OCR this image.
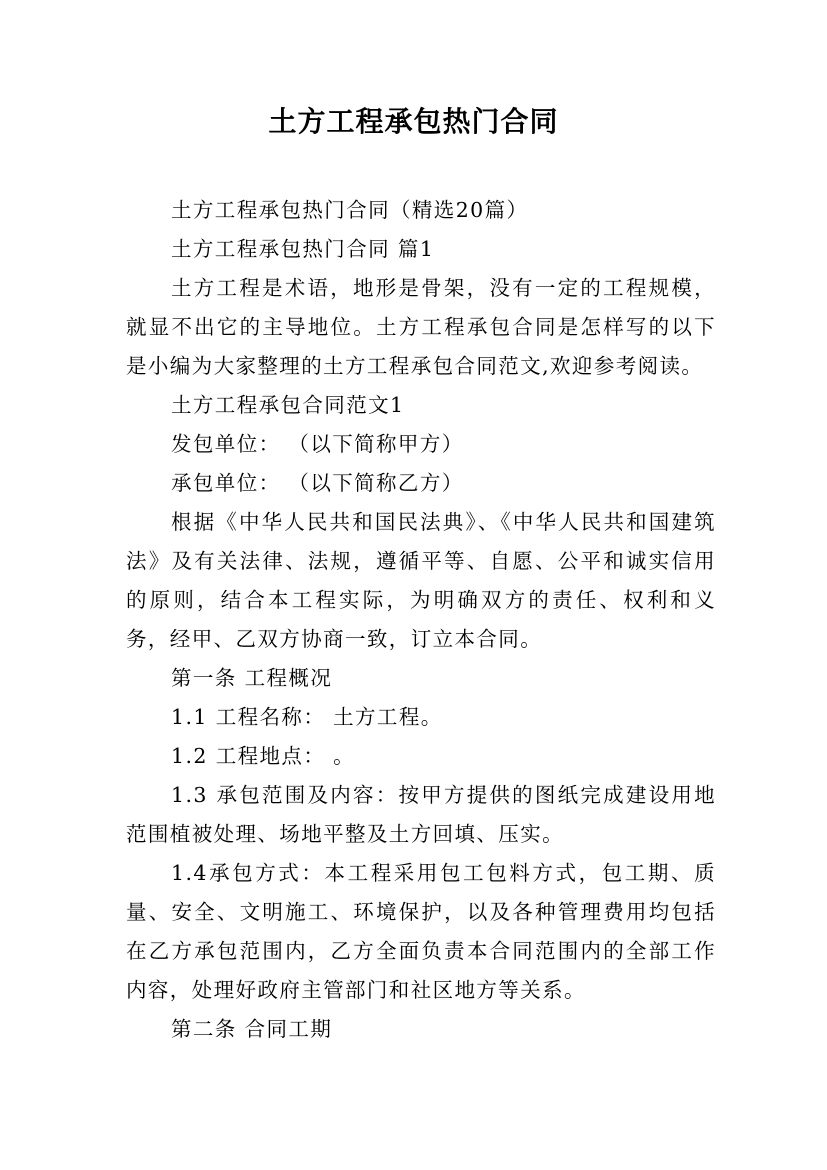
土方工程承包热门合同

土方工程承包热门合同（精选20篇）

土方工程承包热门合同 篇1

土方工程是术语，地形是骨架，没有一定的工程规模，就显不出它的主导地位。土方工程承包合同是怎样写的以下是小编为大家整理的土方工程承包合同范文,欢迎参考阅读。

土方工程承包合同范文1

发包单位： （以下简称甲方）

承包单位： （以下简称乙方）

根据《中华人民共和国民法典》、《中华人民共和国建筑法》及有关法律、法规，遵循平等、自愿、公平和诚实信用的原则，结合本工程实际，为明确双方的责任、权利和义务，经甲、乙双方协商一致，订立本合同。

第一条 工程概况

1.1 工程名称： 土方工程。

1.2 工程地点： 。

1.3 承包范围及内容：按甲方提供的图纸完成建设用地范围植被处理、场地平整及土方回填、压实。

1.4承包方式：本工程采用包工包料方式，包工期、质量、安全、文明施工、环境保护，以及各种管理费用均包括在乙方承包范围内，乙方全面负责本合同范围内的全部工作内容，处理好政府主管部门和社区地方等关系。

第二条 合同工期
